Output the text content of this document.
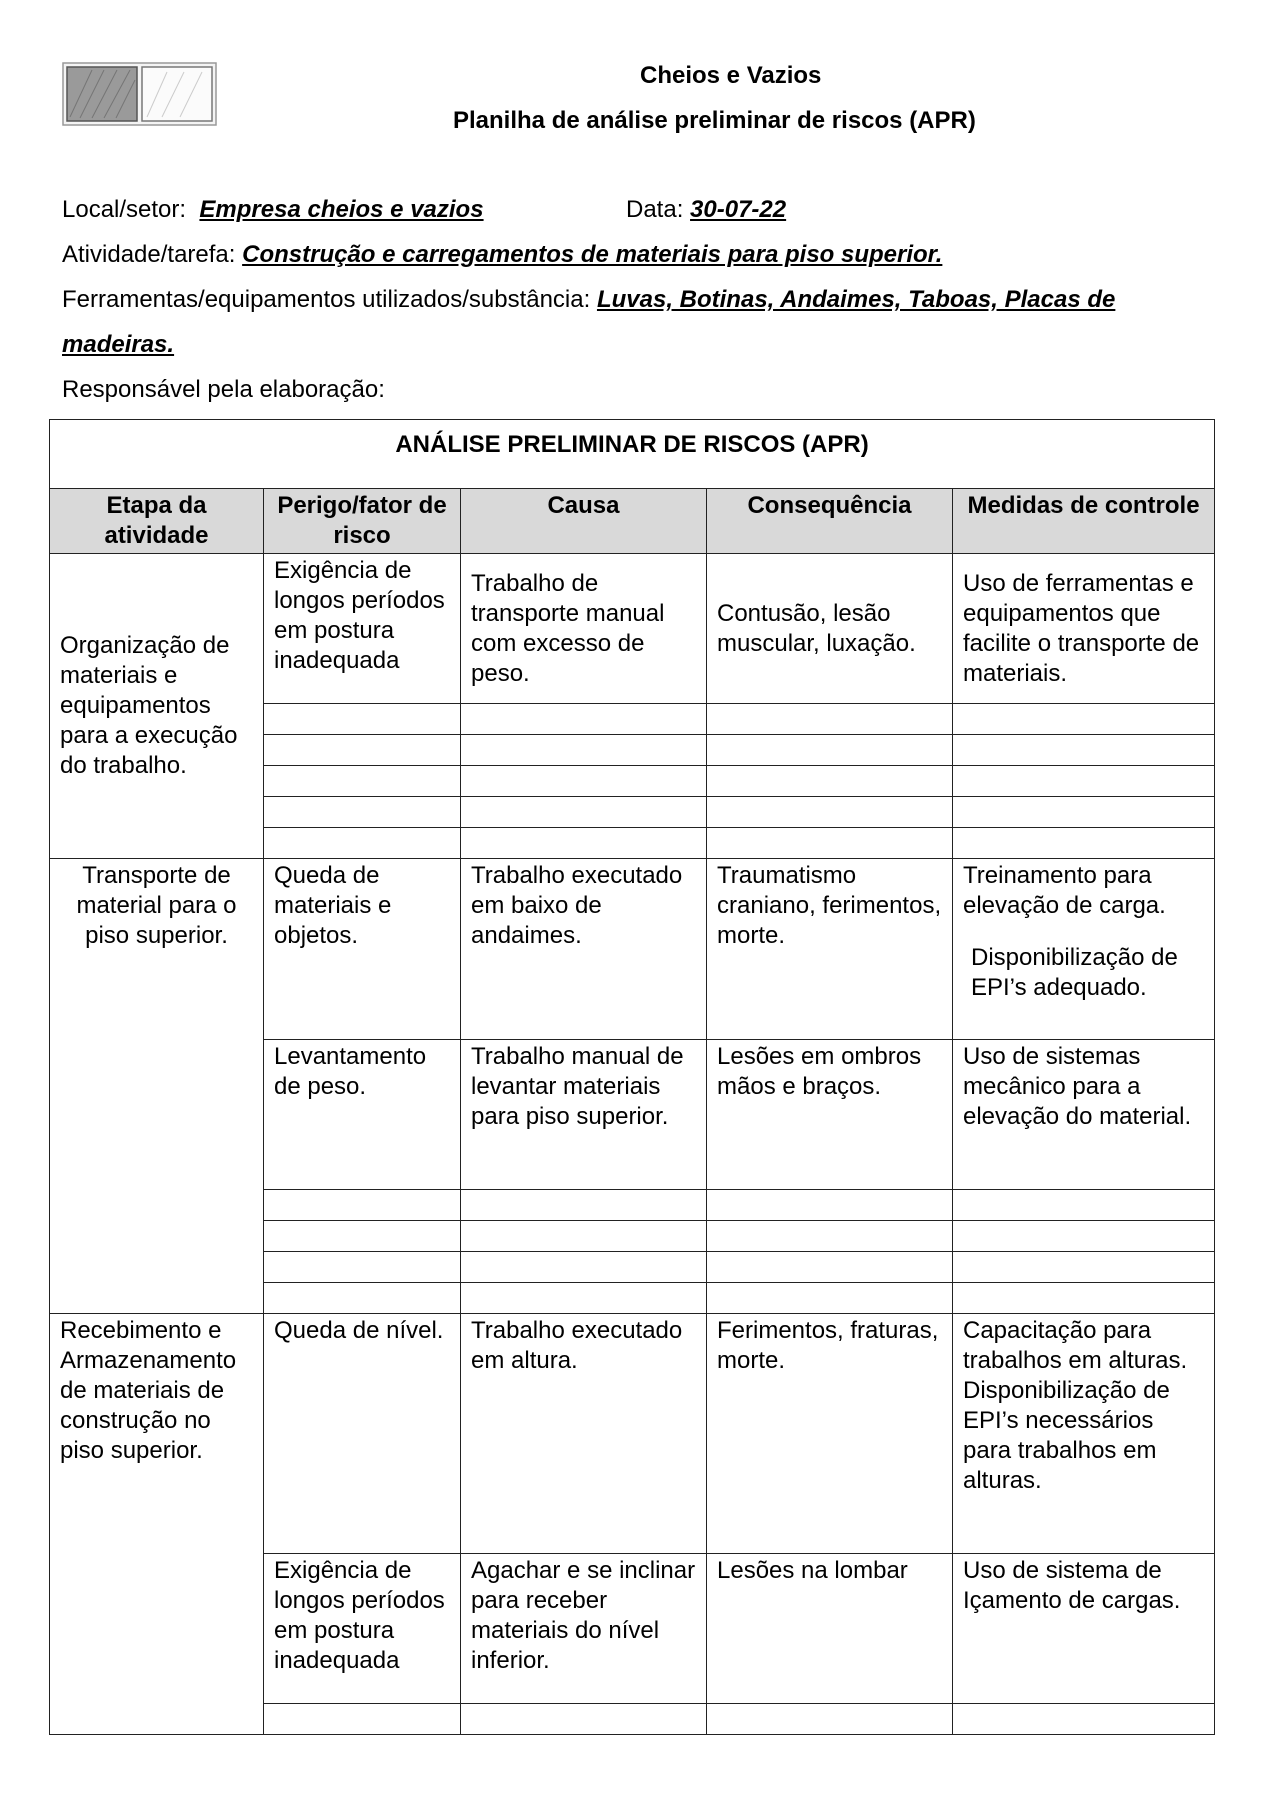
Cheios e Vazios
Planilha de análise preliminar de riscos (APR)
Local/setor: Empresa cheios e vazios	Data: 30-07-22
Atividade/tarefa: Construção e carregamentos de materiais para piso superior.
Ferramentas/equipamentos utilizados/substância: Luvas, Botinas, Andaimes, Taboas, Placas de
madeiras.
Responsável pela elaboração:
ANÁLISE PRELIMINAR DE RISCOS (APR)				
Etapa da atividade	Perigo/fator de risco	Causa	Consequência	Medidas de controle
Organização de materiais e equipamentos para a execução do trabalho.	Exigência de longos períodos em postura inadequada	Trabalho de transporte manual com excesso de peso.	Contusão, lesão muscular, luxação.	Uso de ferramentas e equipamentos que facilite o transporte de materiais.

Transporte de material para o piso superior.	Queda de materiais e objetos.	Trabalho executado em baixo de andaimes.	Traumatismo craniano, ferimentos, morte.	Treinamento para elevação de carga.
Disponibilização de EPI’s adequado.

	Levantamento de peso.	Trabalho manual de levantar materiais para piso superior.	Lesões em ombros mãos e braços.	Uso de sistemas mecânico para a elevação do material.

Recebimento e Armazenamento de materiais de construção no piso superior.	Queda de nível.	Trabalho executado em altura.	Ferimentos, fraturas, morte.	Capacitação para trabalhos em alturas. Disponibilização de EPI’s necessários para trabalhos em alturas.
	Exigência de longos períodos em postura inadequada	Agachar e se inclinar para receber materiais do nível inferior.	Lesões na lombar	Uso de sistema de Içamento de cargas.
